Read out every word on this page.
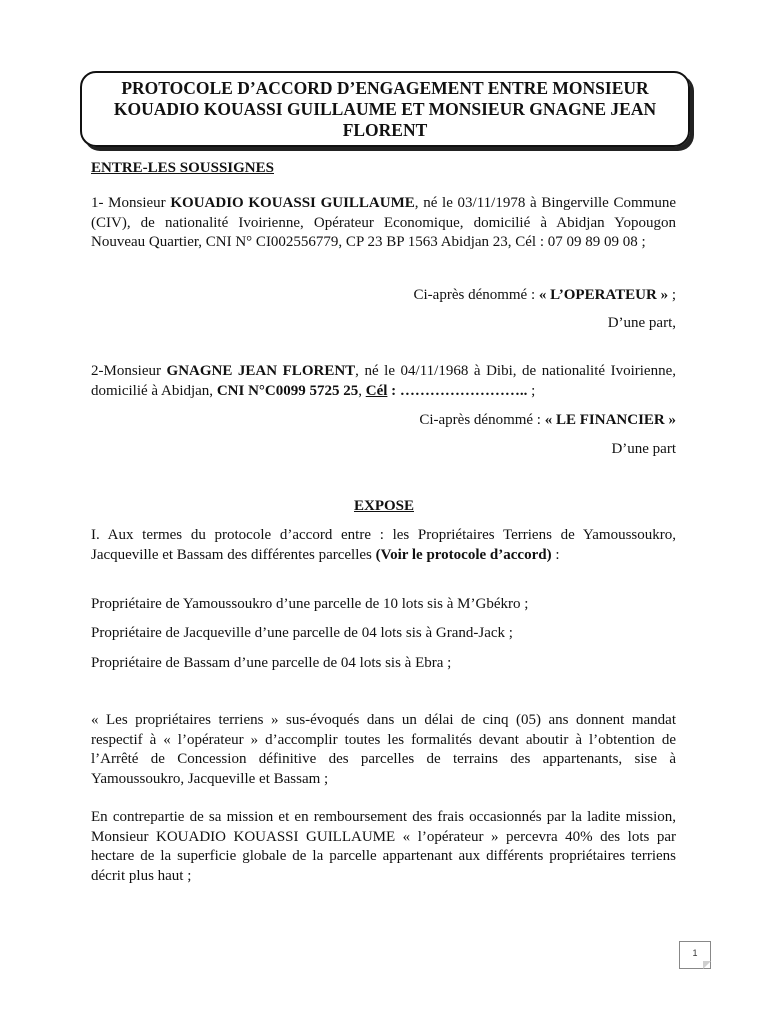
PROTOCOLE D’ACCORD D’ENGAGEMENT ENTRE MONSIEUR
KOUADIO KOUASSI GUILLAUME ET MONSIEUR GNAGNE JEAN
FLORENT
ENTRE-LES SOUSSIGNES
1- Monsieur KOUADIO KOUASSI GUILLAUME, né le 03/11/1978 à Bingerville Commune (CIV), de nationalité Ivoirienne, Opérateur Economique, domicilié à Abidjan Yopougon Nouveau Quartier, CNI N° CI002556779, CP 23 BP 1563 Abidjan 23, Cél : 07 09 89 09 08 ;
Ci-après dénommé : « L’OPERATEUR » ;
D’une part,
2-Monsieur GNAGNE JEAN FLORENT, né le 04/11/1968 à Dibi, de nationalité Ivoirienne, domicilié à Abidjan, CNI N°C0099 5725 25, Cél : …………………….. ;
Ci-après dénommé : « LE FINANCIER »
D’une part
EXPOSE
I. Aux termes du protocole d’accord entre : les Propriétaires Terriens de Yamoussoukro, Jacqueville et Bassam des différentes parcelles (Voir le protocole d’accord) :
Propriétaire de Yamoussoukro d’une parcelle de 10 lots sis à M’Gbékro ;
Propriétaire de Jacqueville d’une parcelle de 04 lots sis à Grand-Jack ;
Propriétaire de Bassam d’une parcelle de 04 lots sis à Ebra ;
« Les propriétaires terriens » sus-évoqués dans un délai de cinq (05) ans donnent mandat respectif à « l’opérateur » d’accomplir toutes les formalités devant aboutir à l’obtention de l’Arrêté de Concession définitive des parcelles de terrains des appartenants, sise à Yamoussoukro, Jacqueville et Bassam ;
En contrepartie de sa mission et en remboursement des frais occasionnés par la ladite mission, Monsieur KOUADIO KOUASSI GUILLAUME « l’opérateur » percevra 40% des lots par hectare de la superficie globale de la parcelle appartenant aux différents propriétaires terriens décrit plus haut ;
1
